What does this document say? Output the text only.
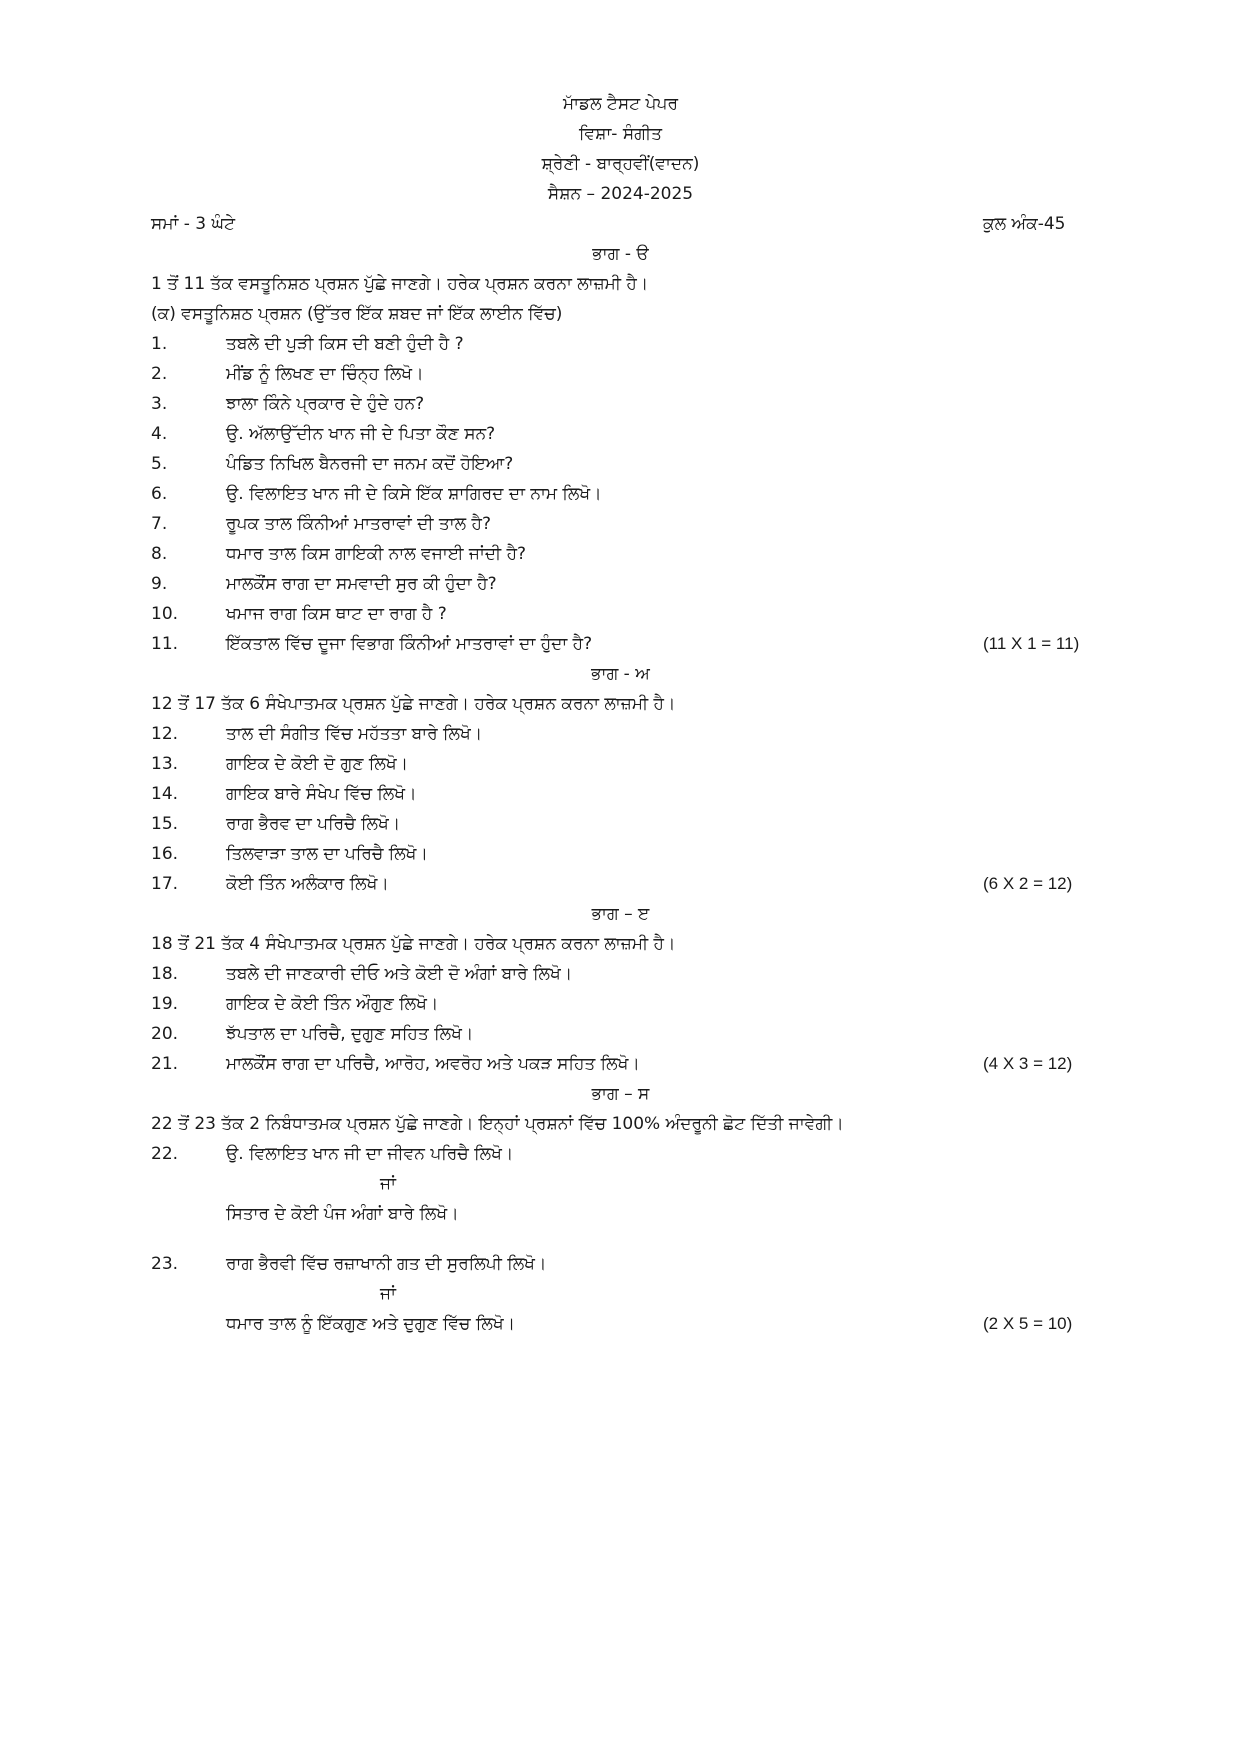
ਮਾੱਡਲ ਟੈਸਟ ਪੇਪਰ
ਵਿਸ਼ਾ- ਸੰਗੀਤ
ਸ਼੍ਰੇਣੀ - ਬਾਰ੍ਹਵੀਂ(ਵਾਦਨ)
ਸੈਸ਼ਨ – 2024-2025
ਸਮਾਂ - 3 ਘੰਟੇ	ਕੁਲ ਅੰਕ-45
ਭਾਗ - ੳ
1 ਤੋਂ 11 ਤੱਕ ਵਸਤੂਨਿਸ਼ਠ ਪ੍ਰਸ਼ਨ ਪੁੱਛੇ ਜਾਣਗੇ। ਹਰੇਕ ਪ੍ਰਸ਼ਨ ਕਰਨਾ ਲਾਜ਼ਮੀ ਹੈ।
(ਕ) ਵਸਤੂਨਿਸ਼ਠ ਪ੍ਰਸ਼ਨ (ਉੱਤਰ ਇੱਕ ਸ਼ਬਦ ਜਾਂ ਇੱਕ ਲਾਈਨ ਵਿੱਚ)
1.	ਤਬਲੇ ਦੀ ਪੁੜੀ ਕਿਸ ਦੀ ਬਣੀ ਹੁੰਦੀ ਹੈ ?
2.	ਮੀਂਡ ਨੂੰ ਲਿਖਣ ਦਾ ਚਿੰਨ੍ਹ ਲਿਖੋ।
3.	ਝਾਲਾ ਕਿੰਨੇ ਪ੍ਰਕਾਰ ਦੇ ਹੁੰਦੇ ਹਨ?
4.	ਉ. ਅੱਲਾਉੱਦੀਨ ਖਾਨ ਜੀ ਦੇ ਪਿਤਾ ਕੌਣ ਸਨ?
5.	ਪੰਡਿਤ ਨਿਖਿਲ ਬੈਨਰਜੀ ਦਾ ਜਨਮ ਕਦੋਂ ਹੋਇਆ?
6.	ਉ. ਵਿਲਾਇਤ ਖਾਨ ਜੀ ਦੇ ਕਿਸੇ ਇੱਕ ਸ਼ਾਗਿਰਦ ਦਾ ਨਾਮ ਲਿਖੋ।
7.	ਰੂਪਕ ਤਾਲ ਕਿੰਨੀਆਂ ਮਾਤਰਾਵਾਂ ਦੀ ਤਾਲ ਹੈ?
8.	ਧਮਾਰ ਤਾਲ ਕਿਸ ਗਾਇਕੀ ਨਾਲ ਵਜਾਈ ਜਾਂਦੀ ਹੈ?
9.	ਮਾਲਕੌਂਸ ਰਾਗ ਦਾ ਸਮਵਾਦੀ ਸੁਰ ਕੀ ਹੁੰਦਾ ਹੈ?
10.	ਖਮਾਜ ਰਾਗ ਕਿਸ ਥਾਟ ਦਾ ਰਾਗ ਹੈ ?
11.	ਇੱਕਤਾਲ ਵਿੱਚ ਦੂਜਾ ਵਿਭਾਗ ਕਿੰਨੀਆਂ ਮਾਤਰਾਵਾਂ ਦਾ ਹੁੰਦਾ ਹੈ?	(11 X 1 = 11)
ਭਾਗ - ਅ
12 ਤੋਂ 17 ਤੱਕ 6 ਸੰਖੇਪਾਤਮਕ ਪ੍ਰਸ਼ਨ ਪੁੱਛੇ ਜਾਣਗੇ। ਹਰੇਕ ਪ੍ਰਸ਼ਨ ਕਰਨਾ ਲਾਜ਼ਮੀ ਹੈ।
12.	ਤਾਲ ਦੀ ਸੰਗੀਤ ਵਿੱਚ ਮਹੱਤਤਾ ਬਾਰੇ ਲਿਖੋ।
13.	ਗਾਇਕ ਦੇ ਕੋਈ ਦੋ ਗੁਣ ਲਿਖੋ।
14.	ਗਾਇਕ ਬਾਰੇ ਸੰਖੇਪ ਵਿੱਚ ਲਿਖੋ।
15.	ਰਾਗ ਭੈਰਵ ਦਾ ਪਰਿਚੈ ਲਿਖੋ।
16.	ਤਿਲਵਾੜਾ ਤਾਲ ਦਾ ਪਰਿਚੈ ਲਿਖੋ।
17.	ਕੋਈ ਤਿੰਨ ਅਲੰਕਾਰ ਲਿਖੋ।	(6 X 2 = 12)
ਭਾਗ – ੲ
18 ਤੋਂ 21 ਤੱਕ 4 ਸੰਖੇਪਾਤਮਕ ਪ੍ਰਸ਼ਨ ਪੁੱਛੇ ਜਾਣਗੇ। ਹਰੇਕ ਪ੍ਰਸ਼ਨ ਕਰਨਾ ਲਾਜ਼ਮੀ ਹੈ।
18.	ਤਬਲੇ ਦੀ ਜਾਣਕਾਰੀ ਦੀਓ ਅਤੇ ਕੋਈ ਦੋ ਅੰਗਾਂ ਬਾਰੇ ਲਿਖੋ।
19.	ਗਾਇਕ ਦੇ ਕੋਈ ਤਿੰਨ ਔਗੁਣ ਲਿਖੋ।
20.	ਝੱਪਤਾਲ ਦਾ ਪਰਿਚੈ, ਦੁਗੁਣ ਸਹਿਤ ਲਿਖੋ।
21.	ਮਾਲਕੌਂਸ ਰਾਗ ਦਾ ਪਰਿਚੈ, ਆਰੋਹ, ਅਵਰੋਹ ਅਤੇ ਪਕੜ ਸਹਿਤ ਲਿਖੋ।	(4 X 3 = 12)
ਭਾਗ – ਸ
22 ਤੋਂ 23 ਤੱਕ 2 ਨਿਬੰਧਾਤਮਕ ਪ੍ਰਸ਼ਨ ਪੁੱਛੇ ਜਾਣਗੇ। ਇਨ੍ਹਾਂ ਪ੍ਰਸ਼ਨਾਂ ਵਿੱਚ 100% ਅੰਦਰੂਨੀ ਛੋਟ ਦਿੱਤੀ ਜਾਵੇਗੀ।
22.	ਉ. ਵਿਲਾਇਤ ਖਾਨ ਜੀ ਦਾ ਜੀਵਨ ਪਰਿਚੈ ਲਿਖੋ।
ਜਾਂ
ਸਿਤਾਰ ਦੇ ਕੋਈ ਪੰਜ ਅੰਗਾਂ ਬਾਰੇ ਲਿਖੋ।
23.	ਰਾਗ ਭੈਰਵੀ ਵਿੱਚ ਰਜ਼ਾਖਾਨੀ ਗਤ ਦੀ ਸੁਰਲਿਪੀ ਲਿਖੋ।
ਜਾਂ
ਧਮਾਰ ਤਾਲ ਨੂੰ ਇੱਕਗੁਣ ਅਤੇ ਦੁਗੁਣ ਵਿੱਚ ਲਿਖੋ।	(2 X 5 = 10)
